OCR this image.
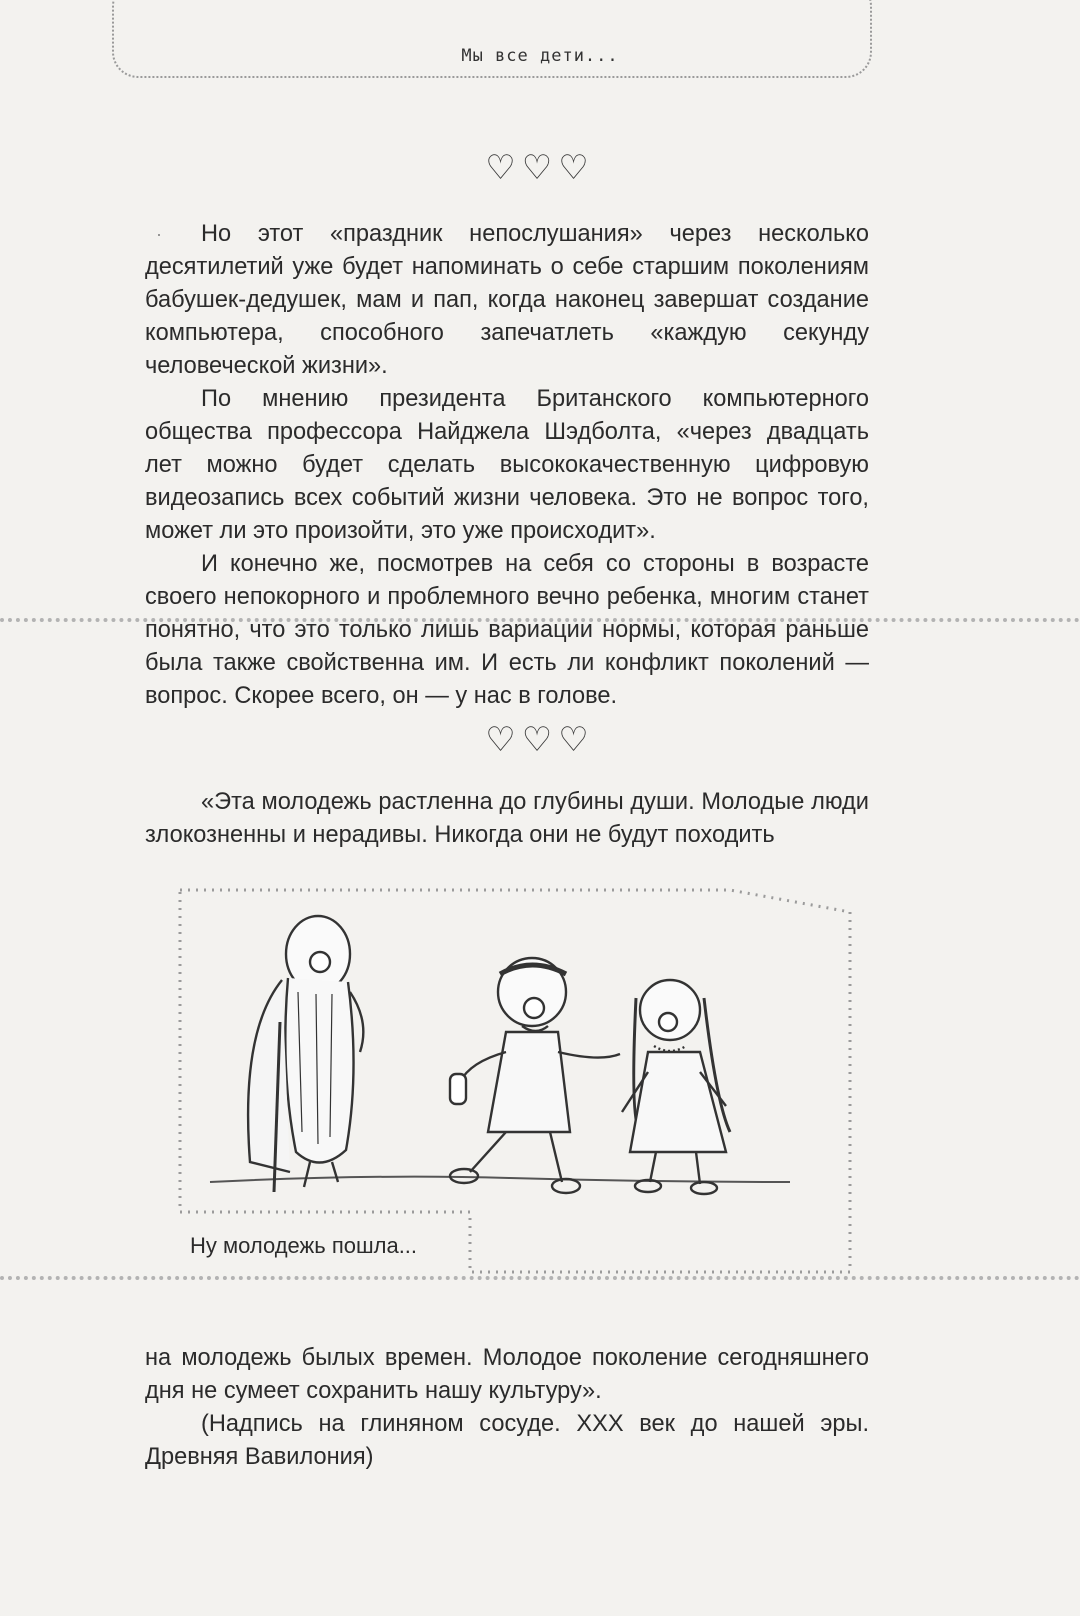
Мы все дети...
·
♡♡♡

Но этот «праздник непослушания» через несколько десятилетий уже будет напоминать о себе старшим поколениям бабушек-дедушек, мам и пап, когда наконец завершат создание компьютера, способного запечатлеть «каждую секунду человеческой жизни».

По мнению президента Британского компьютерного общества профессора Найджела Шэдболта, «через двадцать лет можно будет сделать высококачественную цифровую видеозапись всех событий жизни человека. Это не вопрос того, может ли это произойти, это уже происходит».

И конечно же, посмотрев на себя со стороны в возрасте своего непокорного и проблемного вечно ребенка, многим станет понятно, что это только лишь вариации нормы, которая раньше была также свойственна им. И есть ли конфликт поколений — вопрос. Скорее всего, он — у нас в голове.

♡♡♡

«Эта молодежь растленна до глубины души. Молодые люди злокозненны и нерадивы. Никогда они не будут походить

Ну молодежь пошла...

на молодежь былых времен. Молодое поколение сегодняшнего дня не сумеет сохранить нашу культуру».

(Надпись на глиняном сосуде. XXX век до нашей эры. Древняя Вавилония)
